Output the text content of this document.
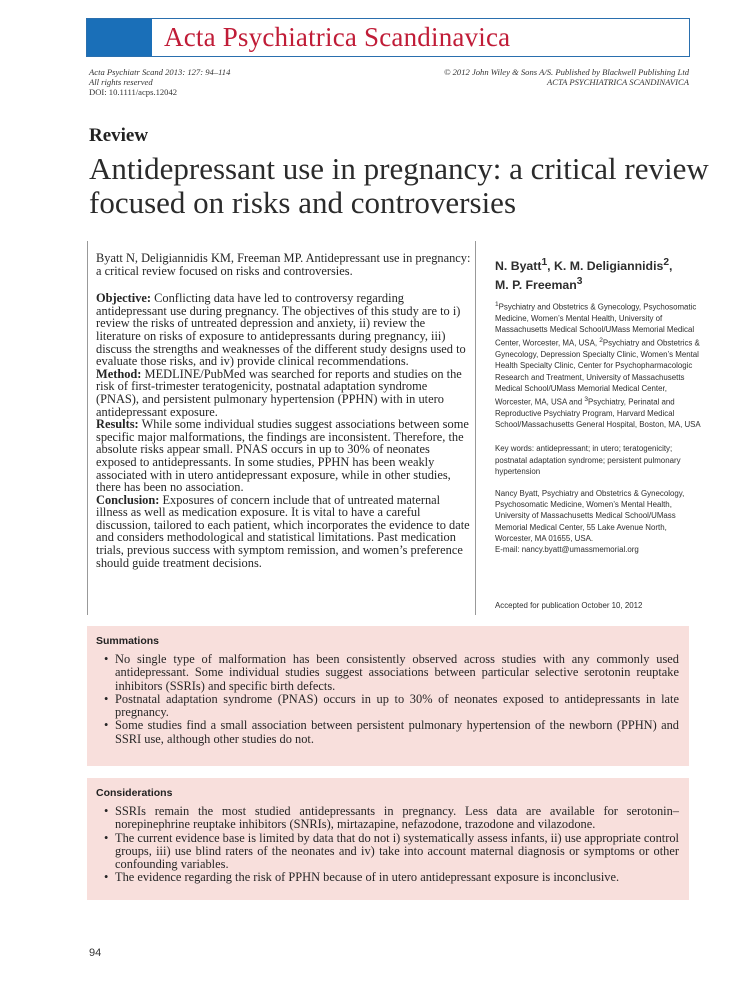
Acta Psychiatrica Scandinavica
Acta Psychiatr Scand 2013: 127: 94–114
All rights reserved
DOI: 10.1111/acps.12042
© 2012 John Wiley & Sons A/S. Published by Blackwell Publishing Ltd
ACTA PSYCHIATRICA SCANDINAVICA
Review
Antidepressant use in pregnancy: a critical review focused on risks and controversies

Byatt N, Deligiannidis KM, Freeman MP. Antidepressant use in pregnancy: a critical review focused on risks and controversies.

Objective: Conflicting data have led to controversy regarding antidepressant use during pregnancy. The objectives of this study are to i) review the risks of untreated depression and anxiety, ii) review the literature on risks of exposure to antidepressants during pregnancy, iii) discuss the strengths and weaknesses of the different study designs used to evaluate those risks, and iv) provide clinical recommendations.

Method: MEDLINE/PubMed was searched for reports and studies on the risk of first-trimester teratogenicity, postnatal adaptation syndrome (PNAS), and persistent pulmonary hypertension (PPHN) with in utero antidepressant exposure.

Results: While some individual studies suggest associations between some specific major malformations, the findings are inconsistent. Therefore, the absolute risks appear small. PNAS occurs in up to 30% of neonates exposed to antidepressants. In some studies, PPHN has been weakly associated with in utero antidepressant exposure, while in other studies, there has been no association.

Conclusion: Exposures of concern include that of untreated maternal illness as well as medication exposure. It is vital to have a careful discussion, tailored to each patient, which incorporates the evidence to date and considers methodological and statistical limitations. Past medication trials, previous success with symptom remission, and women’s preference should guide treatment decisions.

N. Byatt$^1$, K. M. Deligiannidis$^2$,
M. P. Freeman$^3$
$^1$Psychiatry and Obstetrics & Gynecology, Psychosomatic Medicine, Women’s Mental Health, University of Massachusetts Medical School/UMass Memorial Medical Center, Worcester, MA, USA, $^2$Psychiatry and Obstetrics & Gynecology, Depression Specialty Clinic, Women’s Mental Health Specialty Clinic, Center for Psychopharmacologic Research and Treatment, University of Massachusetts Medical School/UMass Memorial Medical Center, Worcester, MA, USA and $^3$Psychiatry, Perinatal and Reproductive Psychiatry Program, Harvard Medical School/Massachusetts General Hospital, Boston, MA, USA
Key words: antidepressant; in utero; teratogenicity; postnatal adaptation syndrome; persistent pulmonary hypertension
Nancy Byatt, Psychiatry and Obstetrics & Gynecology, Psychosomatic Medicine, Women’s Mental Health, University of Massachusetts Medical School/UMass Memorial Medical Center, 55 Lake Avenue North, Worcester, MA 01655, USA.
E-mail: nancy.byatt@umassmemorial.org
Accepted for publication October 10, 2012
Summations
• No single type of malformation has been consistently observed across studies with any commonly used antidepressant. Some individual studies suggest associations between particular selective serotonin reuptake inhibitors (SSRIs) and specific birth defects.
• Postnatal adaptation syndrome (PNAS) occurs in up to 30% of neonates exposed to antidepressants in late pregnancy.
• Some studies find a small association between persistent pulmonary hypertension of the newborn (PPHN) and SSRI use, although other studies do not.
Considerations
• SSRIs remain the most studied antidepressants in pregnancy. Less data are available for serotonin–norepinephrine reuptake inhibitors (SNRIs), mirtazapine, nefazodone, trazodone and vilazodone.
• The current evidence base is limited by data that do not i) systematically assess infants, ii) use appropriate control groups, iii) use blind raters of the neonates and iv) take into account maternal diagnosis or symptoms or other confounding variables.
• The evidence regarding the risk of PPHN because of in utero antidepressant exposure is inconclusive.
94
